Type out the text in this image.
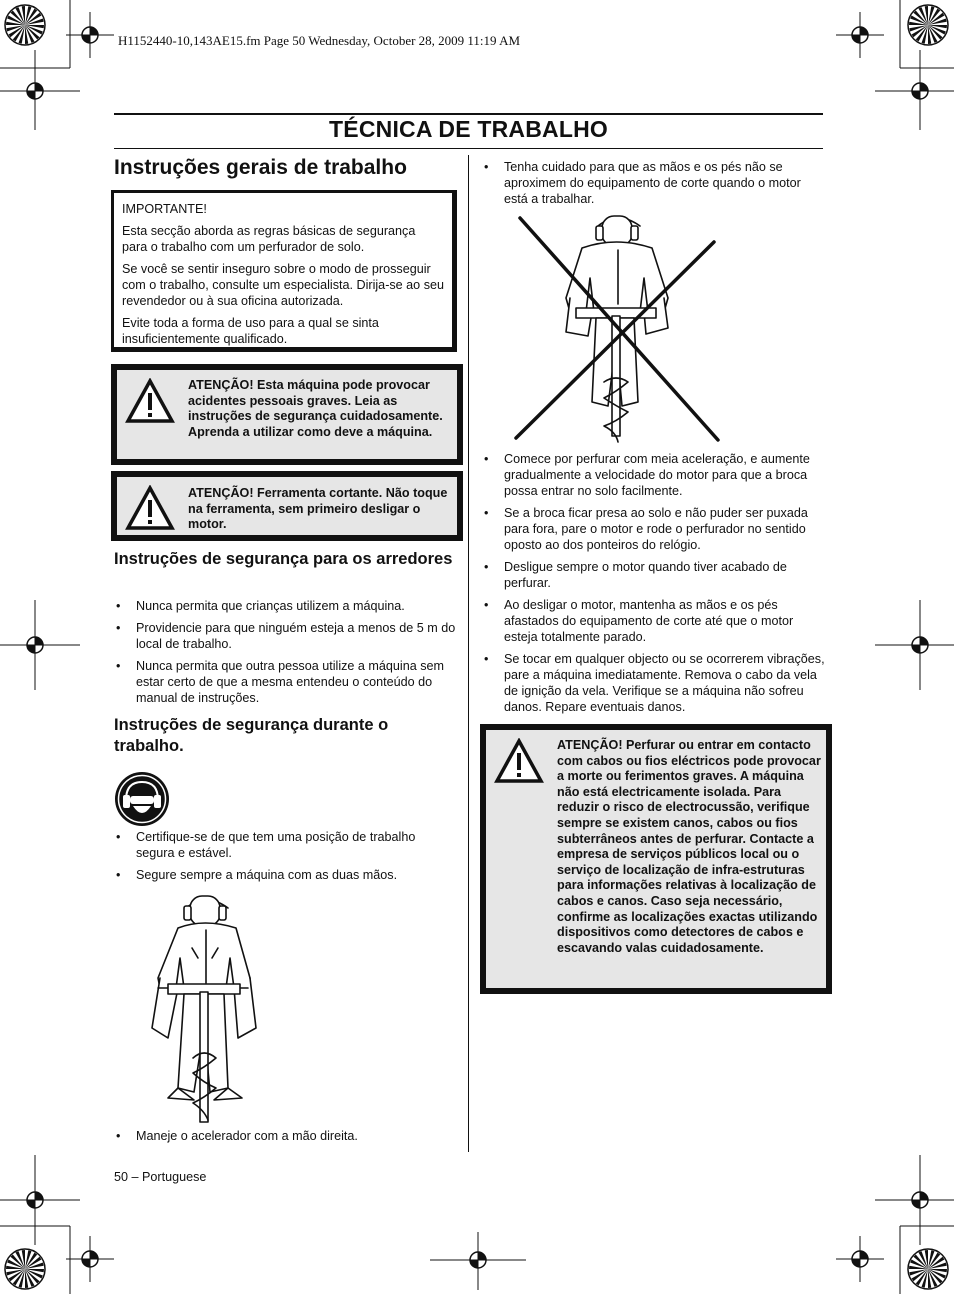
H1152440-10,143AE15.fm Page 50 Wednesday, October 28, 2009 11:19 AM
TÉCNICA DE TRABALHO
Instruções gerais de trabalho

IMPORTANTE!

Esta secção aborda as regras básicas de segurança para o trabalho com um perfurador de solo.

Se você se sentir inseguro sobre o modo de prosseguir com o trabalho, consulte um especialista. Dirija-se ao seu revendedor ou à sua oficina autorizada.

Evite toda a forma de uso para a qual se sinta insuficientemente qualificado.

ATENÇÃO! Esta máquina pode provocar acidentes pessoais graves. Leia as instruções de segurança cuidadosamente. Aprenda a utilizar como deve a máquina.
ATENÇÃO! Ferramenta cortante. Não toque na ferramenta, sem primeiro desligar o motor.
Instruções de segurança para os arredores
• Nunca permita que crianças utilizem a máquina.
• Providencie para que ninguém esteja a menos de 5 m do local de trabalho.
• Nunca permita que outra pessoa utilize a máquina sem estar certo de que a mesma entendeu o conteúdo do manual de instruções.
Instruções de segurança durante o trabalho.
• Certifique-se de que tem uma posição de trabalho segura e estável.
• Segure sempre a máquina com as duas mãos.
• Maneje o acelerador com a mão direita.
• Tenha cuidado para que as mãos e os pés não se aproximem do equipamento de corte quando o motor está a trabalhar.
• Comece por perfurar com meia aceleração, e aumente gradualmente a velocidade do motor para que a broca possa entrar no solo facilmente.
• Se a broca ficar presa ao solo e não puder ser puxada para fora, pare o motor e rode o perfurador no sentido oposto ao dos ponteiros do relógio.
• Desligue sempre o motor quando tiver acabado de perfurar.
• Ao desligar o motor, mantenha as mãos e os pés afastados do equipamento de corte até que o motor esteja totalmente parado.
• Se tocar em qualquer objecto ou se ocorrerem vibrações, pare a máquina imediatamente. Remova o cabo da vela de ignição da vela. Verifique se a máquina não sofreu danos. Repare eventuais danos.
ATENÇÃO! Perfurar ou entrar em contacto com cabos ou fios eléctricos pode provocar a morte ou ferimentos graves. A máquina não está electricamente isolada. Para reduzir o risco de electrocussão, verifique sempre se existem canos, cabos ou fios subterrâneos antes de perfurar. Contacte a empresa de serviços públicos local ou o serviço de localização de infra-estruturas para informações relativas à localização de cabos e canos. Caso seja necessário, confirme as localizações exactas utilizando dispositivos como detectores de cabos e escavando valas cuidadosamente.
50 – Portuguese
